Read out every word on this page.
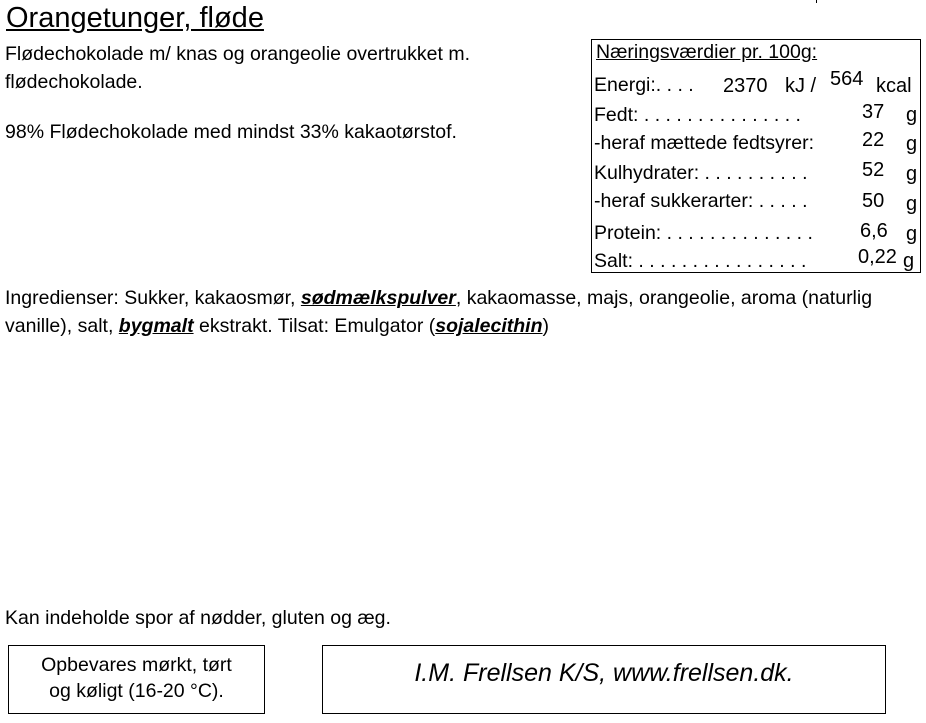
Orangetunger, fløde
Flødechokolade m/ knas og orangeolie overtrukket m.
flødechokolade.
98% Flødechokolade med mindst 33% kakaotørstof.
Næringsværdier pr. 100g:
Energi:. . . . 2370 kJ / 564 kcal
Fedt: . . . . . . . . . . . . . . .	37 g
-heraf mættede fedtsyrer: 22 g
Kulhydrater: . . . . . . . . . .	52 g
-heraf sukkerarter: . . . . .	50 g
Protein: . . . . . . . . . . . . . . 6,6 g
Salt: . . . . . . . . . . . . . . . .	0,22 g
Ingredienser: Sukker, kakaosmør, sødmælkspulver, kakaomasse, majs, orangeolie, aroma (naturlig vanille), salt, bygmalt ekstrakt. Tilsat: Emulgator (sojalecithin)
Kan indeholde spor af nødder, gluten og æg.
Opbevares mørkt, tørt
og køligt (16-20 °C).
I.M. Frellsen K/S, www.frellsen.dk.
